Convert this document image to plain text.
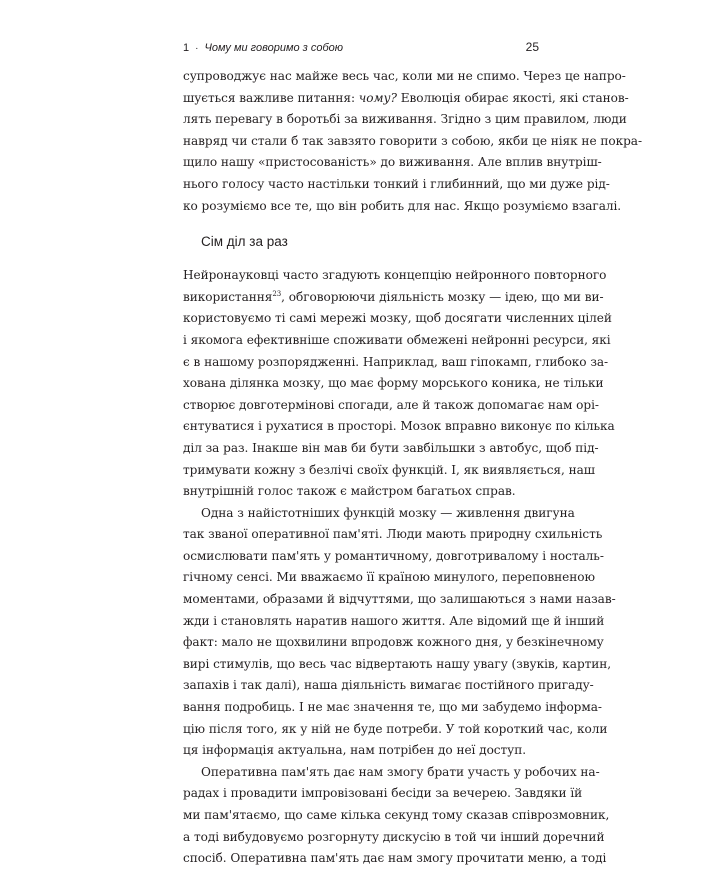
1 · Чому ми говоримо з собою	25
супроводжує нас майже весь час, коли ми не спимо. Через це напро-
шується важливе питання: чому? Еволюція обирає якості, які станов-
лять перевагу в боротьбі за виживання. Згідно з цим правилом, люди
навряд чи стали б так завзято говорити з собою, якби це ніяк не покра-
щило нашу «пристосованість» до виживання. Але вплив внутріш-
нього голосу часто настільки тонкий і глибинний, що ми дуже рід-
ко розуміємо все те, що він робить для нас. Якщо розуміємо взагалі.
Сім діл за раз
Нейронауковці часто згадують концепцію нейронного повторного
використання$^{23}$, обговорюючи діяльність мозку — ідею, що ми ви-
користовуємо ті самі мережі мозку, щоб досягати численних цілей
і якомога ефективніше споживати обмежені нейронні ресурси, які
є в нашому розпорядженні. Наприклад, ваш гіпокамп, глибоко за-
хована ділянка мозку, що має форму морського коника, не тільки
створює довготермінові спогади, але й також допомагає нам орі-
єнтуватися і рухатися в просторі. Мозок вправно виконує по кілька
діл за раз. Інакше він мав би бути завбільшки з автобус, щоб під-
тримувати кожну з безлічі своїх функцій. І, як виявляється, наш
внутрішній голос також є майстром багатьох справ.
Одна з найістотніших функцій мозку — живлення двигуна
так званої оперативної пам'яті. Люди мають природну схильність
осмислювати пам'ять у романтичному, довготривалому і носталь-
гічному сенсі. Ми вважаємо її країною минулого, переповненою
моментами, образами й відчуттями, що залишаються з нами назав-
жди і становлять наратив нашого життя. Але відомий ще й інший
факт: мало не щохвилини впродовж кожного дня, у безкінечному
вирі стимулів, що весь час відвертають нашу увагу (звуків, картин,
запахів і так далі), наша діяльність вимагає постійного пригаду-
вання подробиць. І не має значення те, що ми забудемо інформа-
цію після того, як у ній не буде потреби. У той короткий час, коли
ця інформація актуальна, нам потрібен до неї доступ.
Оперативна пам'ять дає нам змогу брати участь у робочих на-
радах і провадити імпровізовані бесіди за вечерею. Завдяки їй
ми пам'ятаємо, що саме кілька секунд тому сказав співрозмовник,
а тоді вибудовуємо розгорнуту дискусію в той чи інший доречний
спосіб. Оперативна пам'ять дає нам змогу прочитати меню, а тоді
